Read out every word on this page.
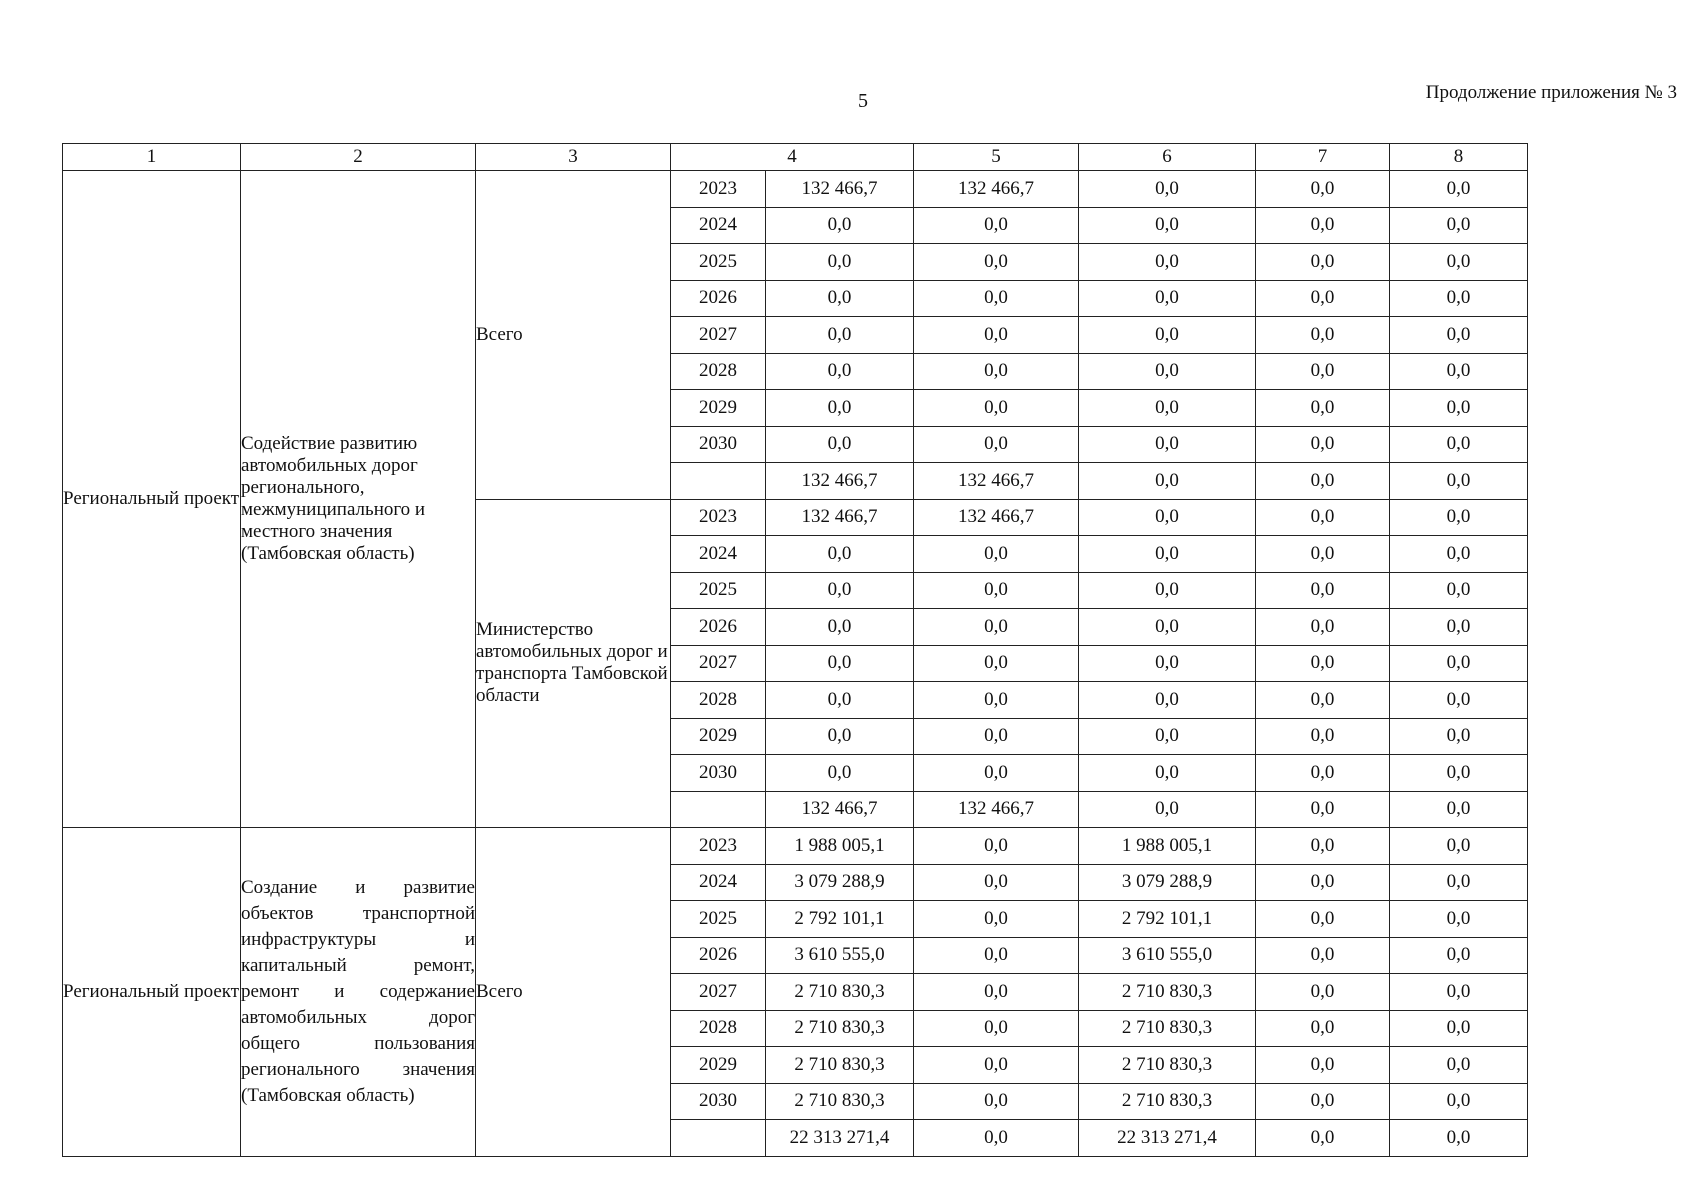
5	Продолжение приложения № 3
1	2	3	4		5	6	7	8
Региональный проект	Содействие развитию автомобильных дорог регионального, межмуниципального и местного значения (Тамбовская область)	Всего	2023	132 466,7	132 466,7	0,0	0,0	0,0
			2024	0,0	0,0	0,0	0,0	0,0
			2025	0,0	0,0	0,0	0,0	0,0
			2026	0,0	0,0	0,0	0,0	0,0
			2027	0,0	0,0	0,0	0,0	0,0
			2028	0,0	0,0	0,0	0,0	0,0
			2029	0,0	0,0	0,0	0,0	0,0
			2030	0,0	0,0	0,0	0,0	0,0
				132 466,7	132 466,7	0,0	0,0	0,0
		Министерство автомобильных дорог и транспорта Тамбовской области	2023	132 466,7	132 466,7	0,0	0,0	0,0
			2024	0,0	0,0	0,0	0,0	0,0
			2025	0,0	0,0	0,0	0,0	0,0
			2026	0,0	0,0	0,0	0,0	0,0
			2027	0,0	0,0	0,0	0,0	0,0
			2028	0,0	0,0	0,0	0,0	0,0
			2029	0,0	0,0	0,0	0,0	0,0
			2030	0,0	0,0	0,0	0,0	0,0
				132 466,7	132 466,7	0,0	0,0	0,0
Региональный проект	Создание и развитие объектов транспортной инфраструктуры и капитальный ремонт, ремонт и содержание автомобильных дорог общего пользования регионального значения (Тамбовская область)	Всего	2023	1 988 005,1	0,0	1 988 005,1	0,0	0,0
			2024	3 079 288,9	0,0	3 079 288,9	0,0	0,0
			2025	2 792 101,1	0,0	2 792 101,1	0,0	0,0
			2026	3 610 555,0	0,0	3 610 555,0	0,0	0,0
			2027	2 710 830,3	0,0	2 710 830,3	0,0	0,0
			2028	2 710 830,3	0,0	2 710 830,3	0,0	0,0
			2029	2 710 830,3	0,0	2 710 830,3	0,0	0,0
			2030	2 710 830,3	0,0	2 710 830,3	0,0	0,0
				22 313 271,4	0,0	22 313 271,4	0,0	0,0
